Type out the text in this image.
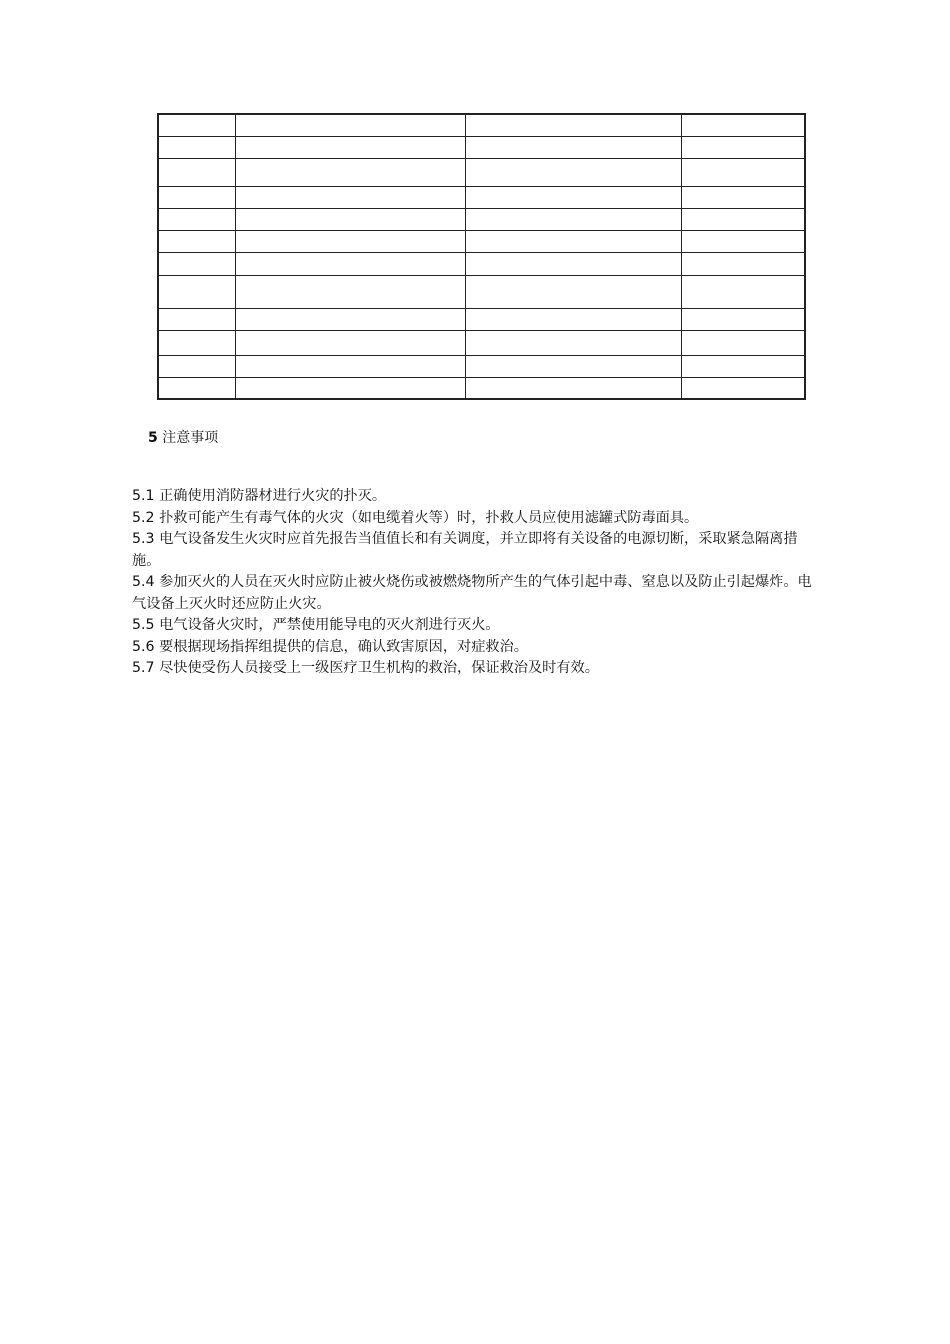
5 注意事项

5.1 正确使用消防器材进行火灾的扑灭。

5.2 扑救可能产生有毒气体的火灾（如电缆着火等）时，扑救人员应使用滤罐式防毒面具。

5.3 电气设备发生火灾时应首先报告当值值长和有关调度，并立即将有关设备的电源切断，采取紧急隔离措施。

5.4 参加灭火的人员在灭火时应防止被火烧伤或被燃烧物所产生的气体引起中毒、窒息以及防止引起爆炸。电气设备上灭火时还应防止火灾。

5.5 电气设备火灾时，严禁使用能导电的灭火剂进行灭火。

5.6 要根据现场指挥组提供的信息，确认致害原因，对症救治。

5.7 尽快使受伤人员接受上一级医疗卫生机构的救治，保证救治及时有效。
